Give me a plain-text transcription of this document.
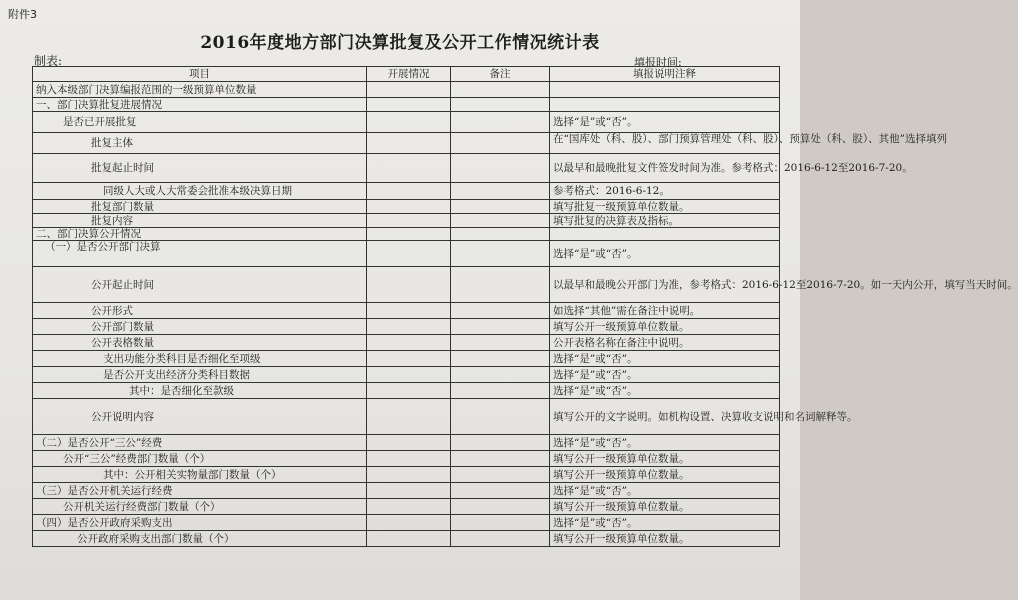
附件3
2016年度地方部门决算批复及公开工作情况统计表
制表:	填报时间:
项目	开展情况	备注	填报说明注释
纳入本级部门决算编报范围的一级预算单位数量			
一、部门决算批复进展情况			
是否已开展批复			选择“是”或“否”。
批复主体			在“国库处（科、股）、部门预算管理处（科、股）、预算处（科、股）、其他”选择填列
批复起止时间			以最早和最晚批复文件签发时间为准。参考格式：2016-6-12至2016-7-20。
同级人大或人大常委会批准本级决算日期			参考格式：2016-6-12。
批复部门数量			填写批复一级预算单位数量。
批复内容			填写批复的决算表及指标。
二、部门决算公开情况			
（一）是否公开部门决算			选择“是”或“否”。
公开起止时间			以最早和最晚公开部门为准，参考格式：2016-6-12至2016-7-20。如一天内公开，填写当天时间。
公开形式			如选择“其他”需在备注中说明。
公开部门数量			填写公开一级预算单位数量。
公开表格数量			公开表格名称在备注中说明。
支出功能分类科目是否细化至项级			选择“是”或“否”。
是否公开支出经济分类科目数据			选择“是”或“否”。
其中：是否细化至款级			选择“是”或“否”。
公开说明内容			填写公开的文字说明。如机构设置、决算收支说明和名词解释等。
（二）是否公开“三公”经费			选择“是”或“否”。
公开“三公”经费部门数量（个）			填写公开一级预算单位数量。
其中：公开相关实物量部门数量（个）			填写公开一级预算单位数量。
（三）是否公开机关运行经费			选择“是”或“否”。
公开机关运行经费部门数量（个）			填写公开一级预算单位数量。
（四）是否公开政府采购支出			选择“是”或“否”。
公开政府采购支出部门数量（个）			填写公开一级预算单位数量。
